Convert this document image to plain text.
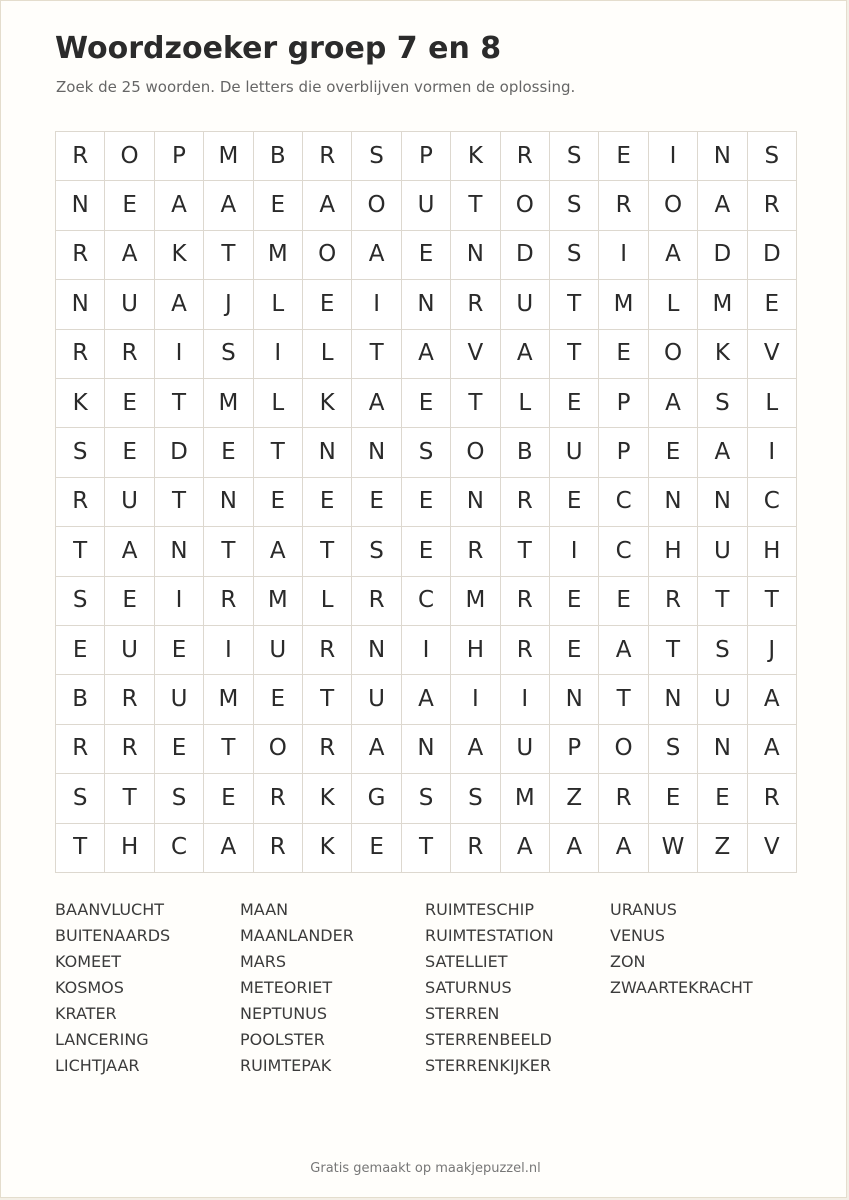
Woordzoeker groep 7 en 8
Zoek de 25 woorden. De letters die overblijven vormen de oplossing.
R	O	P	M	B	R	S	P	K	R	S	E	I	N	S
N	E	A	A	E	A	O	U	T	O	S	R	O	A	R
R	A	K	T	M	O	A	E	N	D	S	I	A	D	D
N	U	A	J	L	E	I	N	R	U	T	M	L	M	E
R	R	I	S	I	L	T	A	V	A	T	E	O	K	V
K	E	T	M	L	K	A	E	T	L	E	P	A	S	L
S	E	D	E	T	N	N	S	O	B	U	P	E	A	I
R	U	T	N	E	E	E	E	N	R	E	C	N	N	C
T	A	N	T	A	T	S	E	R	T	I	C	H	U	H
S	E	I	R	M	L	R	C	M	R	E	E	R	T	T
E	U	E	I	U	R	N	I	H	R	E	A	T	S	J
B	R	U	M	E	T	U	A	I	I	N	T	N	U	A
R	R	E	T	O	R	A	N	A	U	P	O	S	N	A
S	T	S	E	R	K	G	S	S	M	Z	R	E	E	R
T	H	C	A	R	K	E	T	R	A	A	A	W	Z	V
BAANVLUCHT
BUITENAARDS
KOMEET
KOSMOS
KRATER
LANCERING
LICHTJAAR
MAAN
MAANLANDER
MARS
METEORIET
NEPTUNUS
POOLSTER
RUIMTEPAK
RUIMTESCHIP
RUIMTESTATION
SATELLIET
SATURNUS
STERREN
STERRENBEELD
STERRENKIJKER
URANUS
VENUS
ZON
ZWAARTEKRACHT
Gratis gemaakt op maakjepuzzel.nl
